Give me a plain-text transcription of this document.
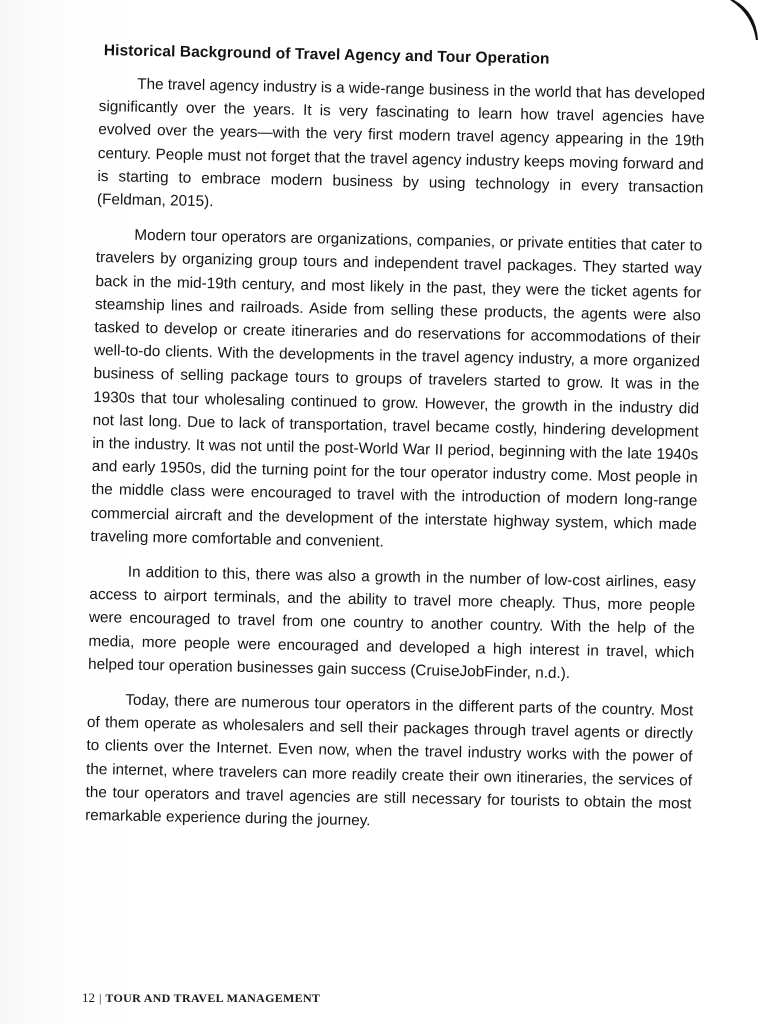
Historical Background of Travel Agency and Tour Operation

The travel agency industry is a wide-range business in the world that has developed significantly over the years. It is very fascinating to learn how travel agencies have evolved over the years—with the very first modern travel agency appearing in the 19th century. People must not forget that the travel agency industry keeps moving forward and is starting to embrace modern business by using technology in every transaction (Feldman, 2015).

Modern tour operators are organizations, companies, or private entities that cater to travelers by organizing group tours and independent travel packages. They started way back in the mid-19th century, and most likely in the past, they were the ticket agents for steamship lines and railroads. Aside from selling these products, the agents were also tasked to develop or create itineraries and do reservations for accommodations of their well-to-do clients. With the developments in the travel agency industry, a more organized business of selling package tours to groups of travelers started to grow. It was in the 1930s that tour wholesaling continued to grow. However, the growth in the industry did not last long. Due to lack of transportation, travel became costly, hindering development in the industry. It was not until the post-World War II period, beginning with the late 1940s and early 1950s, did the turning point for the tour operator industry come. Most people in the middle class were encouraged to travel with the introduction of modern long-range commercial aircraft and the development of the interstate highway system, which made traveling more comfortable and convenient.

In addition to this, there was also a growth in the number of low-cost airlines, easy access to airport terminals, and the ability to travel more cheaply. Thus, more people were encouraged to travel from one country to another country. With the help of the media, more people were encouraged and developed a high interest in travel, which helped tour operation businesses gain success (CruiseJobFinder, n.d.).

Today, there are numerous tour operators in the different parts of the country. Most of them operate as wholesalers and sell their packages through travel agents or directly to clients over the Internet. Even now, when the travel industry works with the power of the internet, where travelers can more readily create their own itineraries, the services of the tour operators and travel agencies are still necessary for tourists to obtain the most remarkable experience during the journey.

12 | TOUR AND TRAVEL MANAGEMENT
